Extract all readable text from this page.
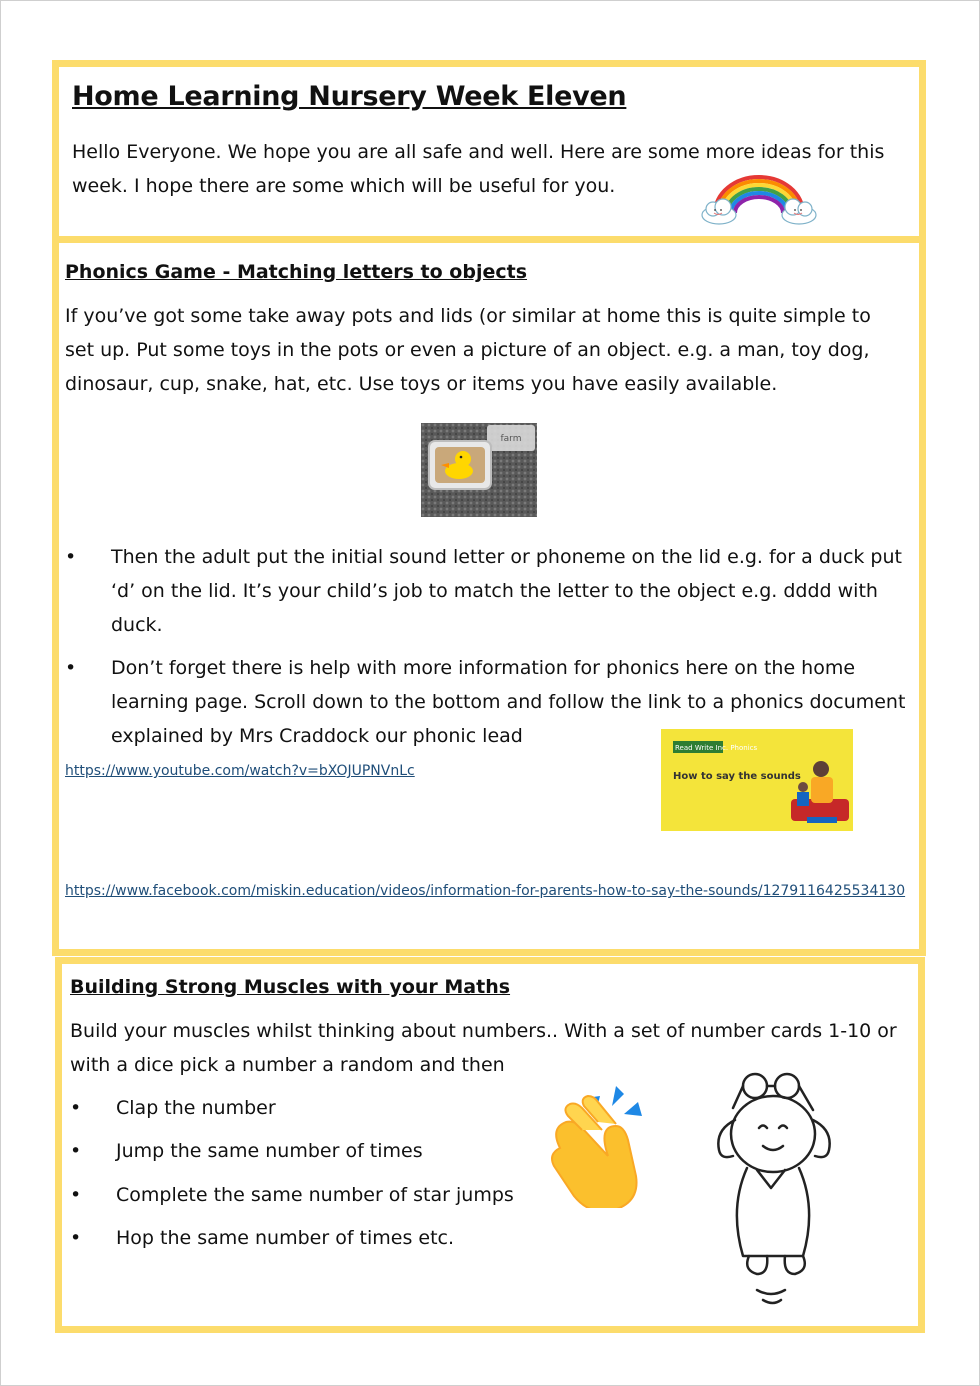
Home Learning Nursery Week Eleven

Hello Everyone. We hope you are all safe and well. Here are some more ideas for this week. I hope there are some which will be useful for you.

Phonics Game - Matching letters to objects

If you’ve got some take away pots and lids (or similar at home this is quite simple to set up. Put some toys in the pots or even a picture of an object. e.g. a man, toy dog, dinosaur, cup, snake, hat, etc. Use toys or items you have easily available.

farm
• Then the adult put the initial sound letter or phoneme on the lid e.g. for a duck put ‘d’ on the lid. It’s your child’s job to match the letter to the object e.g. dddd with duck.
• Don’t forget there is help with more information for phonics here on the home learning page. Scroll down to the bottom and follow the link to a phonics document explained by Mrs Craddock our phonic lead
https://www.youtube.com/watch?v=bXOJUPNVnLc
Read Write Inc. Phonics
How to say the sounds
https://www.facebook.com/miskin.education/videos/information-for-parents-how-to-say-the-sounds/1279116425534130
Building Strong Muscles with your Maths

Build your muscles whilst thinking about numbers.. With a set of number cards 1-10 or with a dice pick a number a random and then

• Clap the number
• Jump the same number of times
• Complete the same number of star jumps
• Hop the same number of times etc.
